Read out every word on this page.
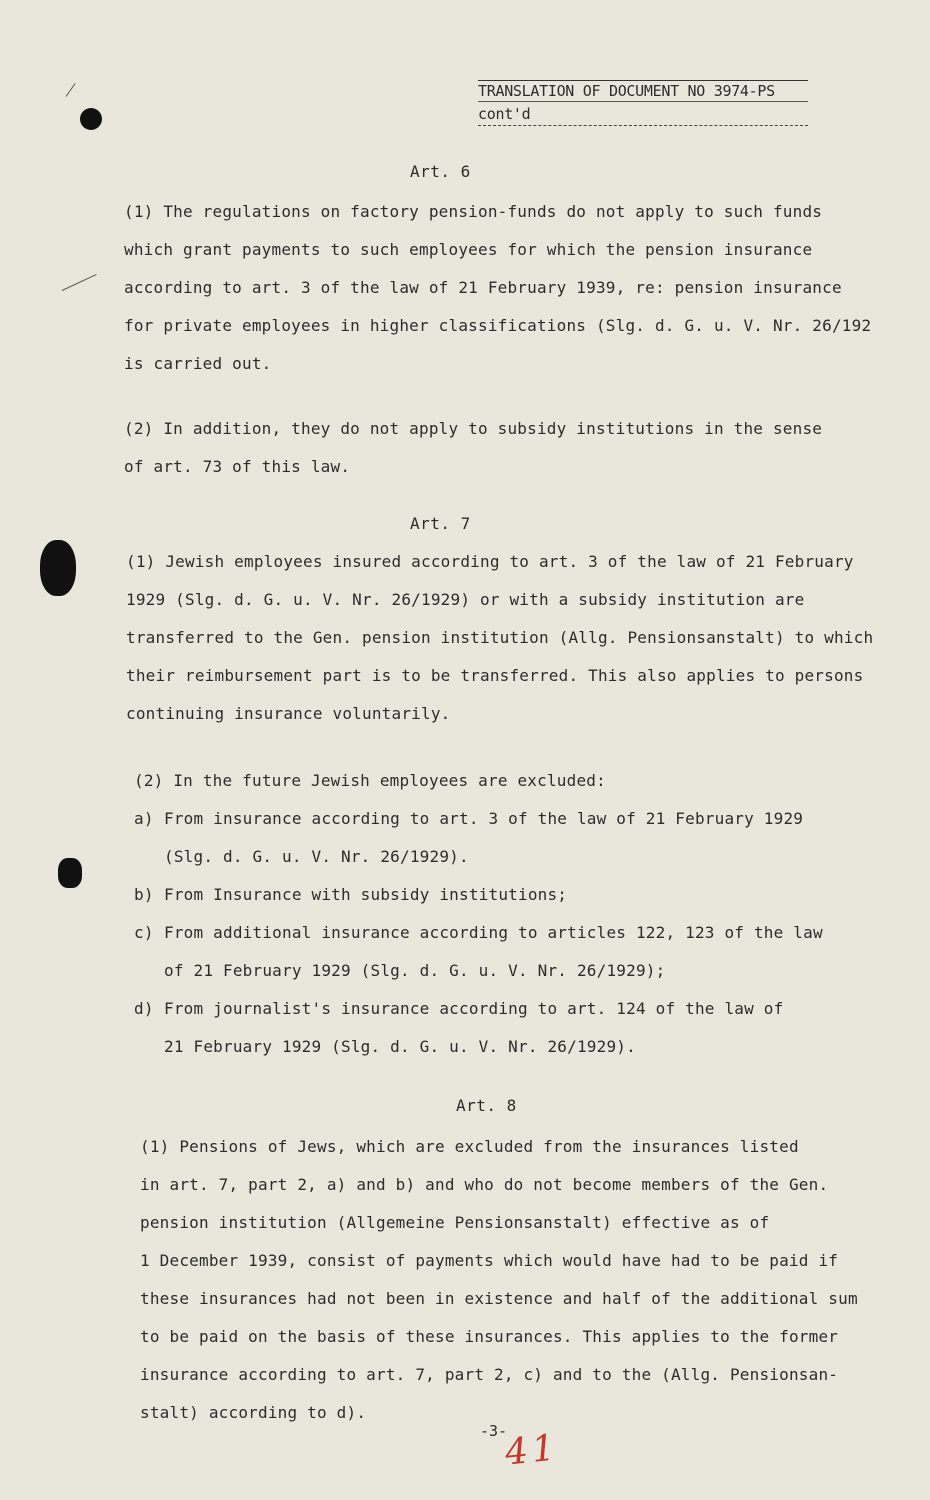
TRANSLATION OF DOCUMENT NO 3974-PS
cont'd
Art. 6
(1) The regulations on factory pension-funds do not apply to such funds
which grant payments to such employees for which the pension insurance
according to art. 3 of the law of 21 February 1939, re: pension insurance
for private employees in higher classifications (Slg. d. G. u. V. Nr. 26/192
is carried out.
(2) In addition, they do not apply to subsidy institutions in the sense
of art. 73 of this law.
Art. 7
(1) Jewish employees insured according to art. 3 of the law of 21 February
1929 (Slg. d. G. u. V. Nr. 26/1929) or with a subsidy institution are
transferred to the Gen. pension institution (Allg. Pensionsanstalt) to which
their reimbursement part is to be transferred. This also applies to persons
continuing insurance voluntarily.
(2) In the future Jewish employees are excluded:
a) From insurance according to art. 3 of the law of 21 February 1929
(Slg. d. G. u. V. Nr. 26/1929).
b) From Insurance with subsidy institutions;
c) From additional insurance according to articles 122, 123 of the law
of 21 February 1929 (Slg. d. G. u. V. Nr. 26/1929);
d) From journalist's insurance according to art. 124 of the law of
21 February 1929 (Slg. d. G. u. V. Nr. 26/1929).
Art. 8
(1) Pensions of Jews, which are excluded from the insurances listed
in art. 7, part 2, a) and b) and who do not become members of the Gen.
pension institution (Allgemeine Pensionsanstalt) effective as of
1 December 1939, consist of payments which would have had to be paid if
these insurances had not been in existence and half of the additional sum
to be paid on the basis of these insurances. This applies to the former
insurance according to art. 7, part 2, c) and to the (Allg. Pensionsan-
stalt) according to d).
-3-
41
